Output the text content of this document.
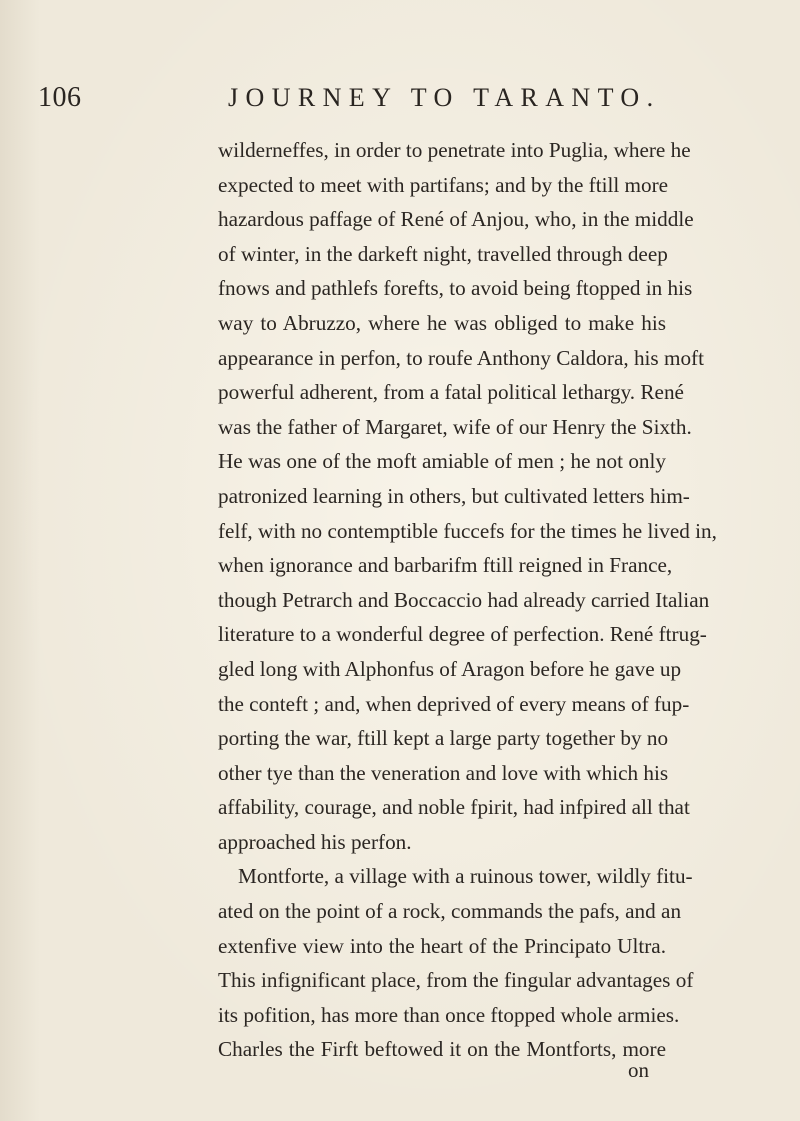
106	JOURNEY TO TARANTO.
wilderneffes, in order to penetrate into Puglia, where he
expected to meet with partifans; and by the ftill more
hazardous paffage of René of Anjou, who, in the middle
of winter, in the darkeft night, travelled through deep
fnows and pathlefs forefts, to avoid being ftopped in his
way to Abruzzo, where he was obliged to make his
appearance in perfon, to roufe Anthony Caldora, his moft
powerful adherent, from a fatal political lethargy. René
was the father of Margaret, wife of our Henry the Sixth.
He was one of the moft amiable of men ; he not only
patronized learning in others, but cultivated letters him-
felf, with no contemptible fuccefs for the times he lived in,
when ignorance and barbarifm ftill reigned in France,
though Petrarch and Boccaccio had already carried Italian
literature to a wonderful degree of perfection. René ftrug-
gled long with Alphonfus of Aragon before he gave up
the conteft ; and, when deprived of every means of fup-
porting the war, ftill kept a large party together by no
other tye than the veneration and love with which his
affability, courage, and noble fpirit, had infpired all that
approached his perfon.
Montforte, a village with a ruinous tower, wildly fitu-
ated on the point of a rock, commands the pafs, and an
extenfive view into the heart of the Principato Ultra.
This infignificant place, from the fingular advantages of
its pofition, has more than once ftopped whole armies.
Charles the Firft beftowed it on the Montforts, more
on
